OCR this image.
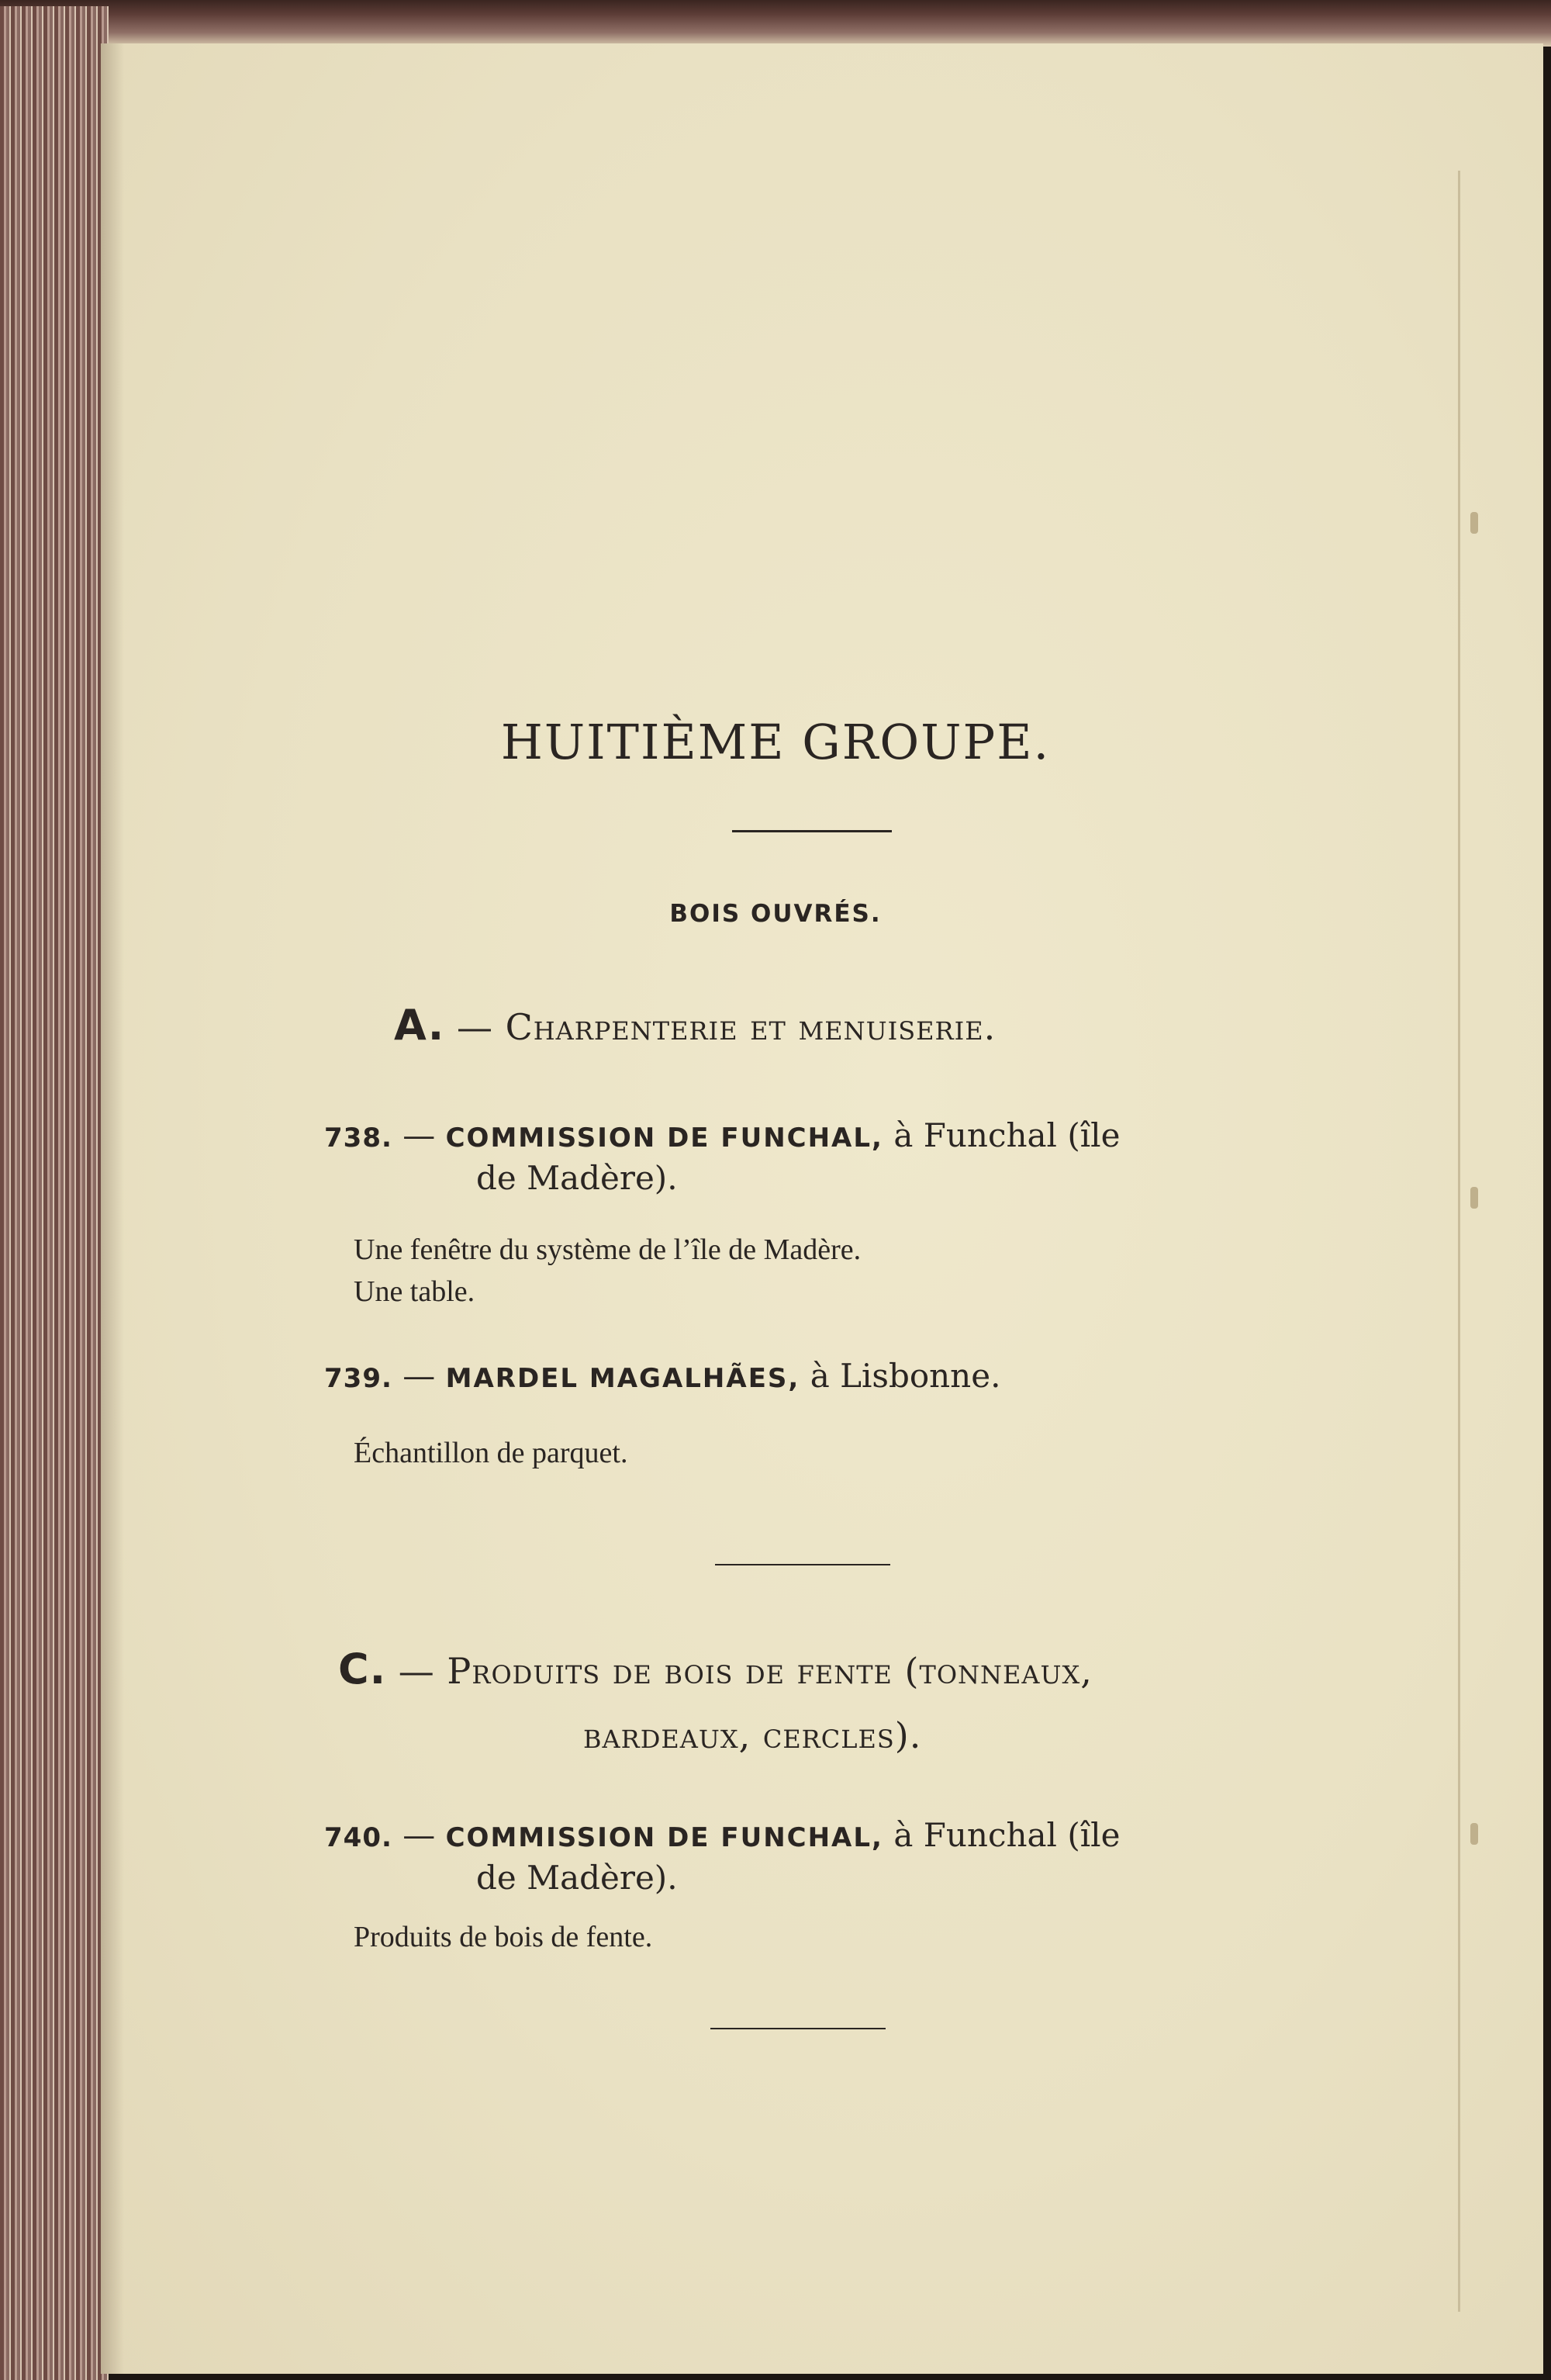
HUITIÈME GROUPE.
BOIS OUVRÉS.
A. — Charpenterie et menuiserie.
738. — COMMISSION DE FUNCHAL, à Funchal (île
de Madère).
Une fenêtre du système de l’île de Madère.
Une table.
739. — MARDEL MAGALHÃES, à Lisbonne.
Échantillon de parquet.
C. — Produits de bois de fente (tonneaux,
bardeaux, cercles).
740. — COMMISSION DE FUNCHAL, à Funchal (île
de Madère).
Produits de bois de fente.
